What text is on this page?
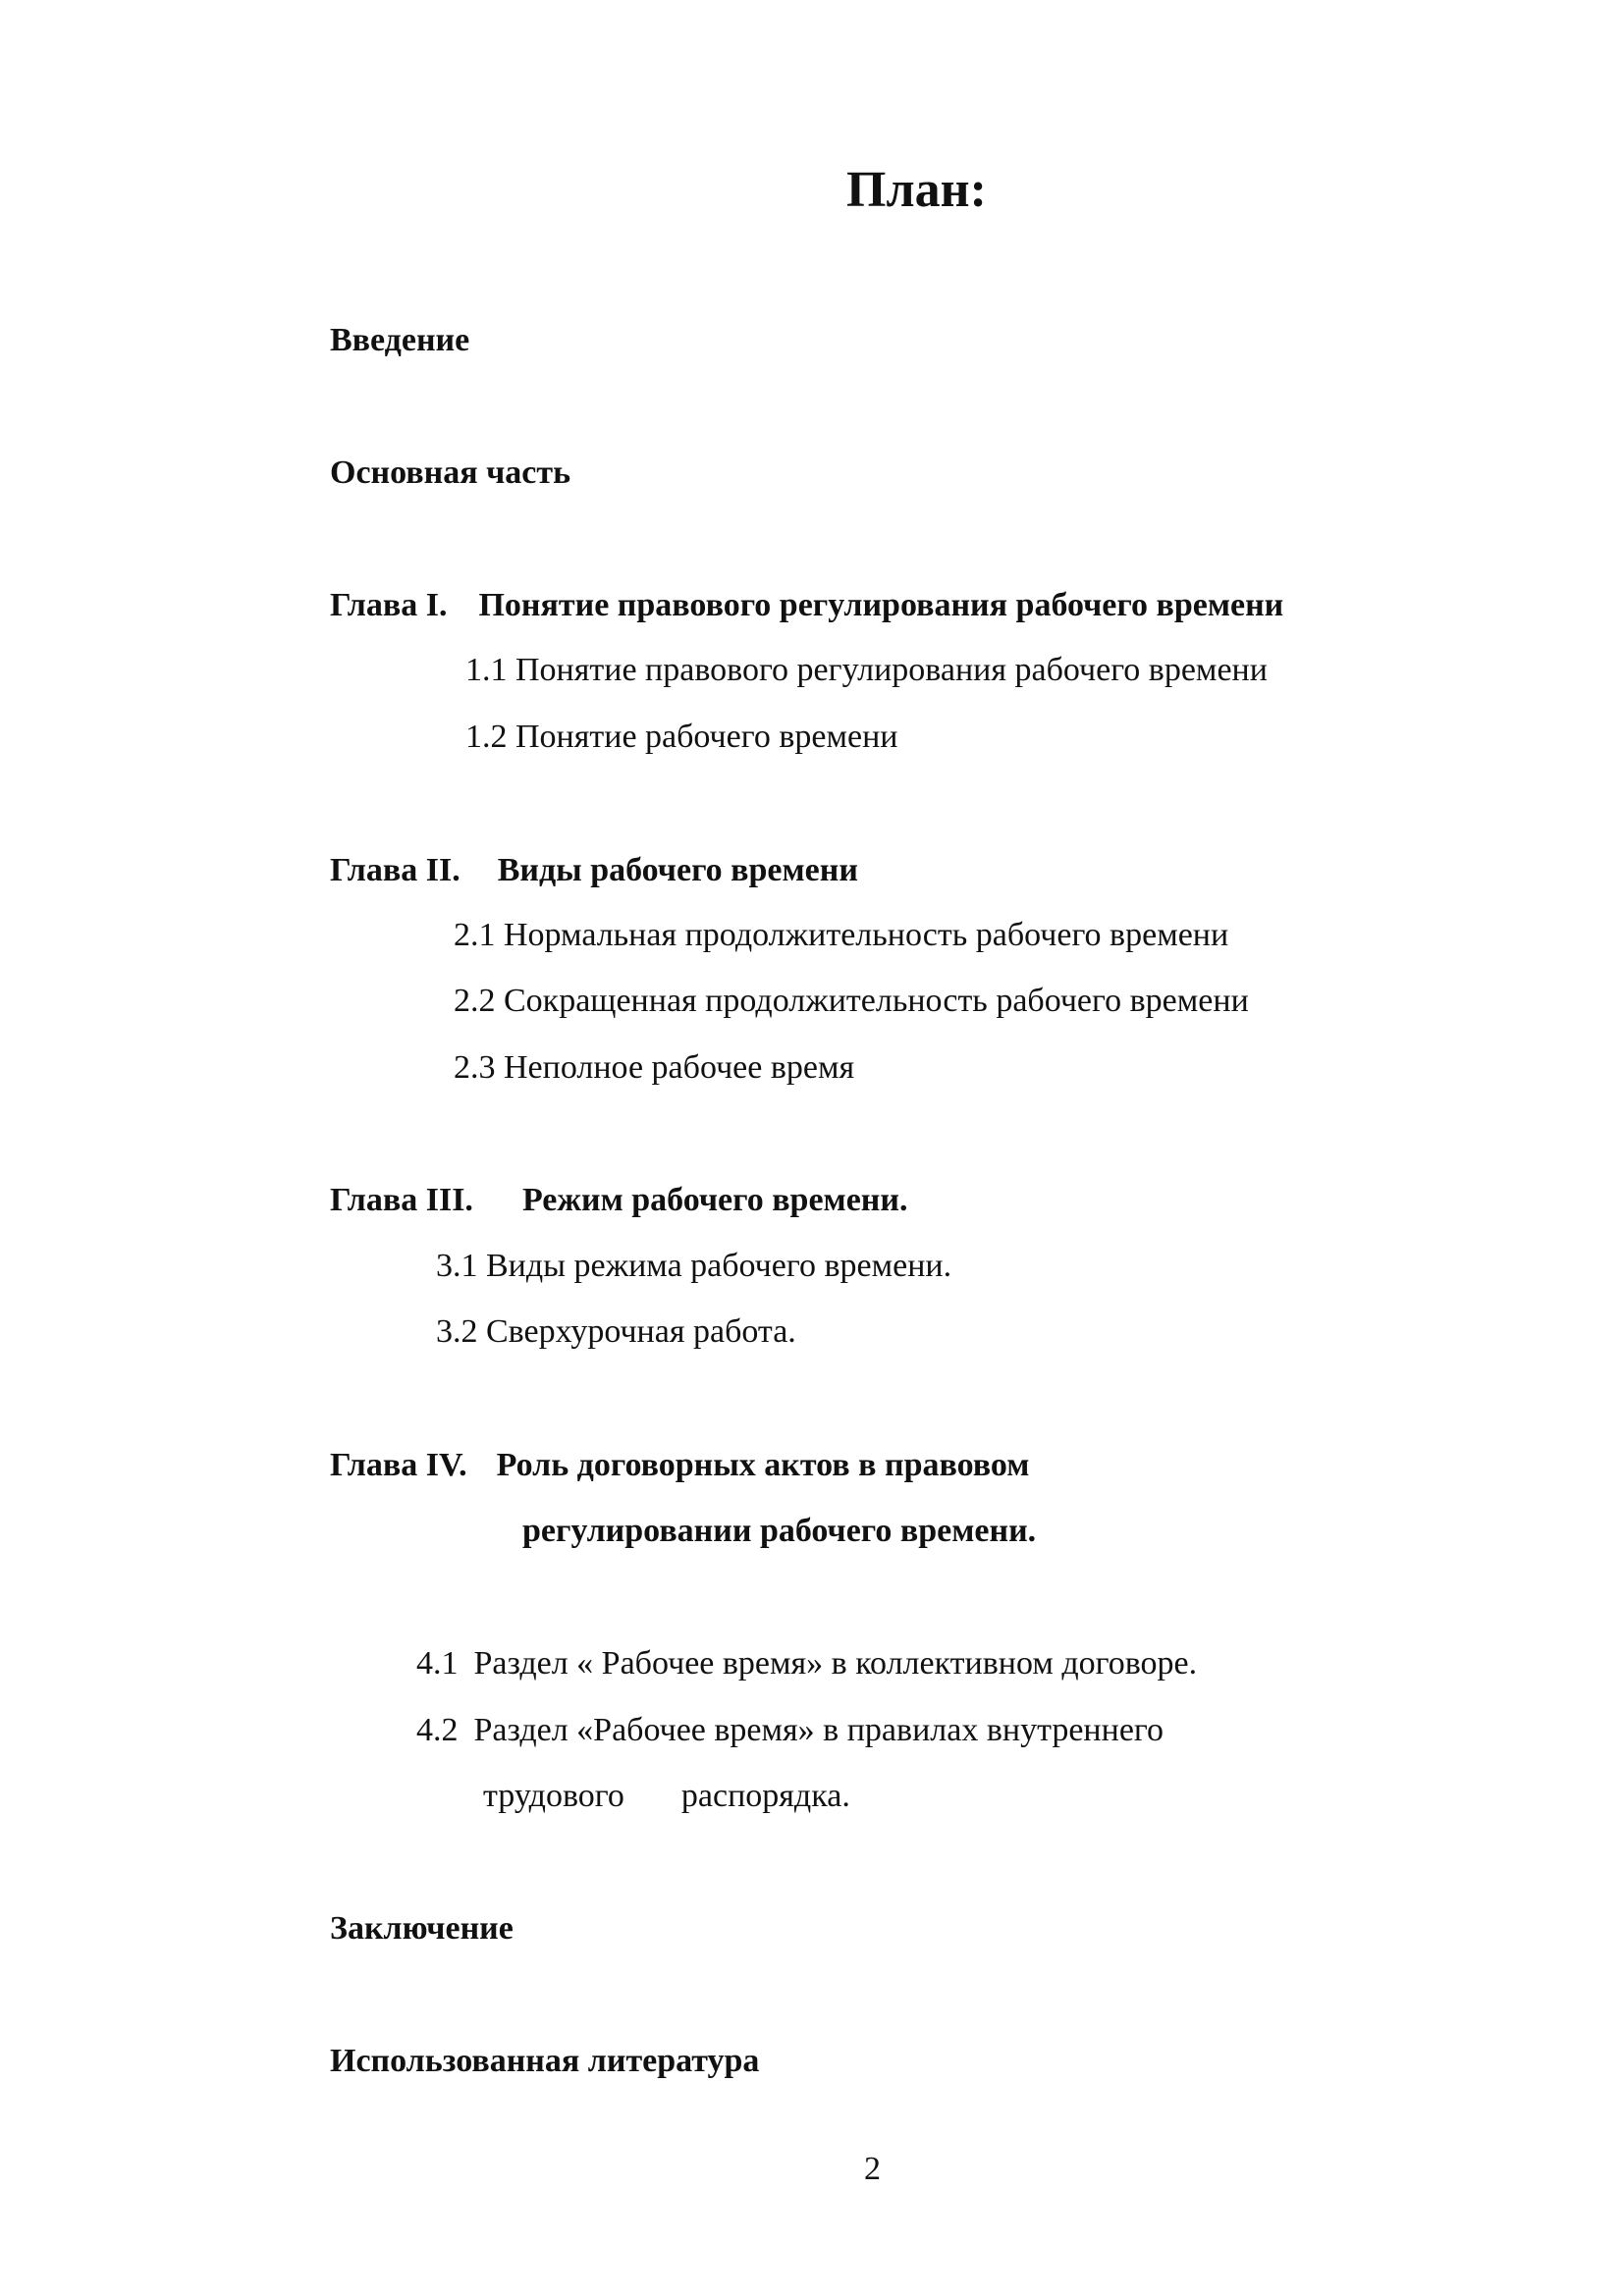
План:
Введение
Основная часть
Глава I. Понятие правового регулирования рабочего времени
1.1 Понятие правового регулирования рабочего времени
1.2 Понятие рабочего времени
Глава II. Виды рабочего времени
2.1 Нормальная продолжительность рабочего времени
2.2 Сокращенная продолжительность рабочего времени
2.3 Неполное рабочее время
Глава III. Режим рабочего времени.
3.1 Виды режима рабочего времени.
3.2 Сверхурочная работа.
Глава IV. Роль договорных актов в правовом
регулировании рабочего времени.
4.1 Раздел « Рабочее время» в коллективном договоре.
4.2 Раздел «Рабочее время» в правилах внутреннего
трудового распорядка.
Заключение
Использованная литература
2
